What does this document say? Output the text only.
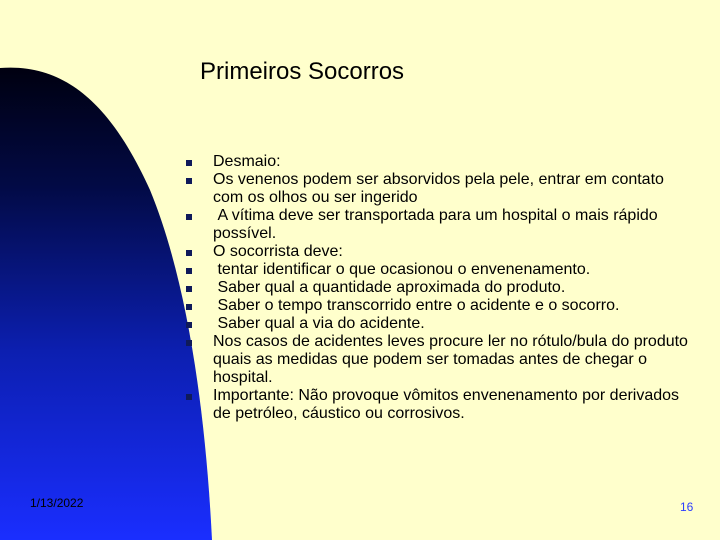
Primeiros Socorros
Desmaio:
Os venenos podem ser absorvidos pela pele, entrar em contato com os olhos ou ser ingerido
A vítima deve ser transportada para um hospital o mais rápido possível.
O socorrista deve:
tentar identificar o que ocasionou o envenenamento.
Saber qual a quantidade aproximada do produto.
Saber o tempo transcorrido entre o acidente e o socorro.
Saber qual a via do acidente.
Nos casos de acidentes leves procure ler no rótulo/bula do produto quais as medidas que podem ser tomadas antes de chegar o hospital.
Importante: Não provoque vômitos envenenamento por derivados de petróleo, cáustico ou corrosivos.
1/13/2022	16
